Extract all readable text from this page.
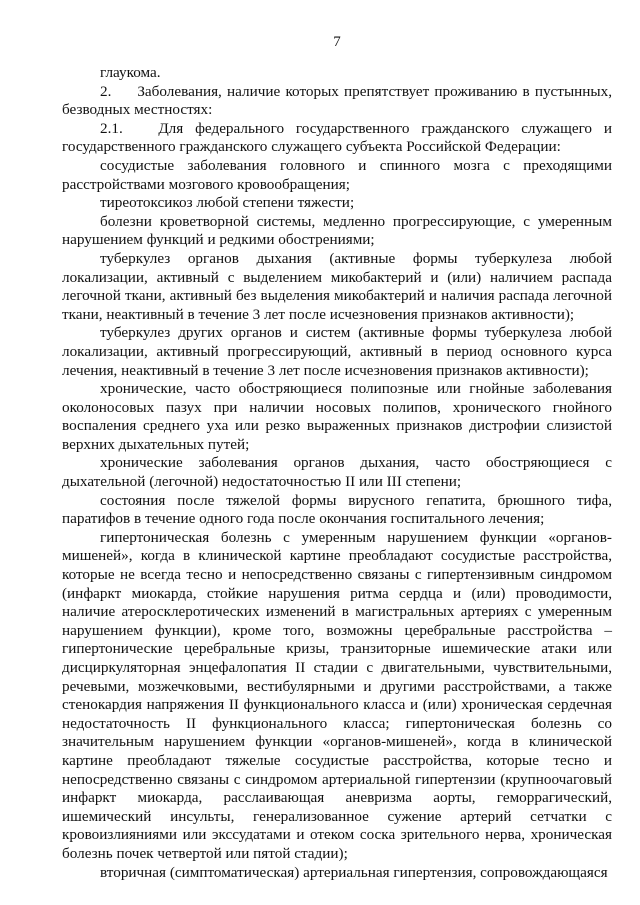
7

глаукома.

2.     Заболевания, наличие которых препятствует проживанию в пустынных, безводных местностях:

2.1.   Для федерального государственного гражданского служащего и государственного гражданского служащего субъекта Российской Федерации:

сосудистые заболевания головного и спинного мозга с преходящими расстройствами мозгового кровообращения;

тиреотоксикоз любой степени тяжести;

болезни кроветворной системы, медленно прогрессирующие, с умеренным нарушением функций и редкими обострениями;

туберкулез органов дыхания (активные формы туберкулеза любой локализации, активный с выделением микобактерий и (или) наличием распада легочной ткани, активный без выделения микобактерий и наличия распада легочной ткани, неактивный в течение 3 лет после исчезновения признаков активности);

туберкулез других органов и систем (активные формы туберкулеза любой локализации, активный прогрессирующий, активный в период основного курса лечения, неактивный в течение 3 лет после исчезновения признаков активности);

хронические, часто обостряющиеся полипозные или гнойные заболевания околоносовых пазух при наличии носовых полипов, хронического гнойного воспаления среднего уха или резко выраженных признаков дистрофии слизистой верхних дыхательных путей;

хронические заболевания органов дыхания, часто обостряющиеся с дыхательной (легочной) недостаточностью II или III степени;

состояния после тяжелой формы вирусного гепатита, брюшного тифа, паратифов в течение одного года после окончания госпитального лечения;

гипертоническая болезнь с умеренным нарушением функции «органов-мишеней», когда в клинической картине преобладают сосудистые расстройства, которые не всегда тесно и непосредственно связаны с гипертензивным синдромом (инфаркт миокарда, стойкие нарушения ритма сердца и (или) проводимости, наличие атеросклеротических изменений в магистральных артериях с умеренным нарушением функции), кроме того, возможны церебральные расстройства – гипертонические церебральные кризы, транзиторные ишемические атаки или дисциркуляторная энцефалопатия II стадии с двигательными, чувствительными, речевыми, мозжечковыми, вестибулярными и другими расстройствами, а также стенокардия напряжения II функционального класса и (или) хроническая сердечная недостаточность II функционального класса; гипертоническая болезнь со значительным нарушением функции «органов-мишеней», когда в клинической картине преобладают тяжелые сосудистые расстройства, которые тесно и непосредственно связаны с синдромом артериальной гипертензии (крупноочаговый инфаркт миокарда, расслаивающая аневризма аорты, геморрагический, ишемический инсульты, генерализованное сужение артерий сетчатки с кровоизлияниями или экссудатами и отеком соска зрительного нерва, хроническая болезнь почек четвертой или пятой стадии);

вторичная (симптоматическая) артериальная гипертензия, сопровождающаяся
